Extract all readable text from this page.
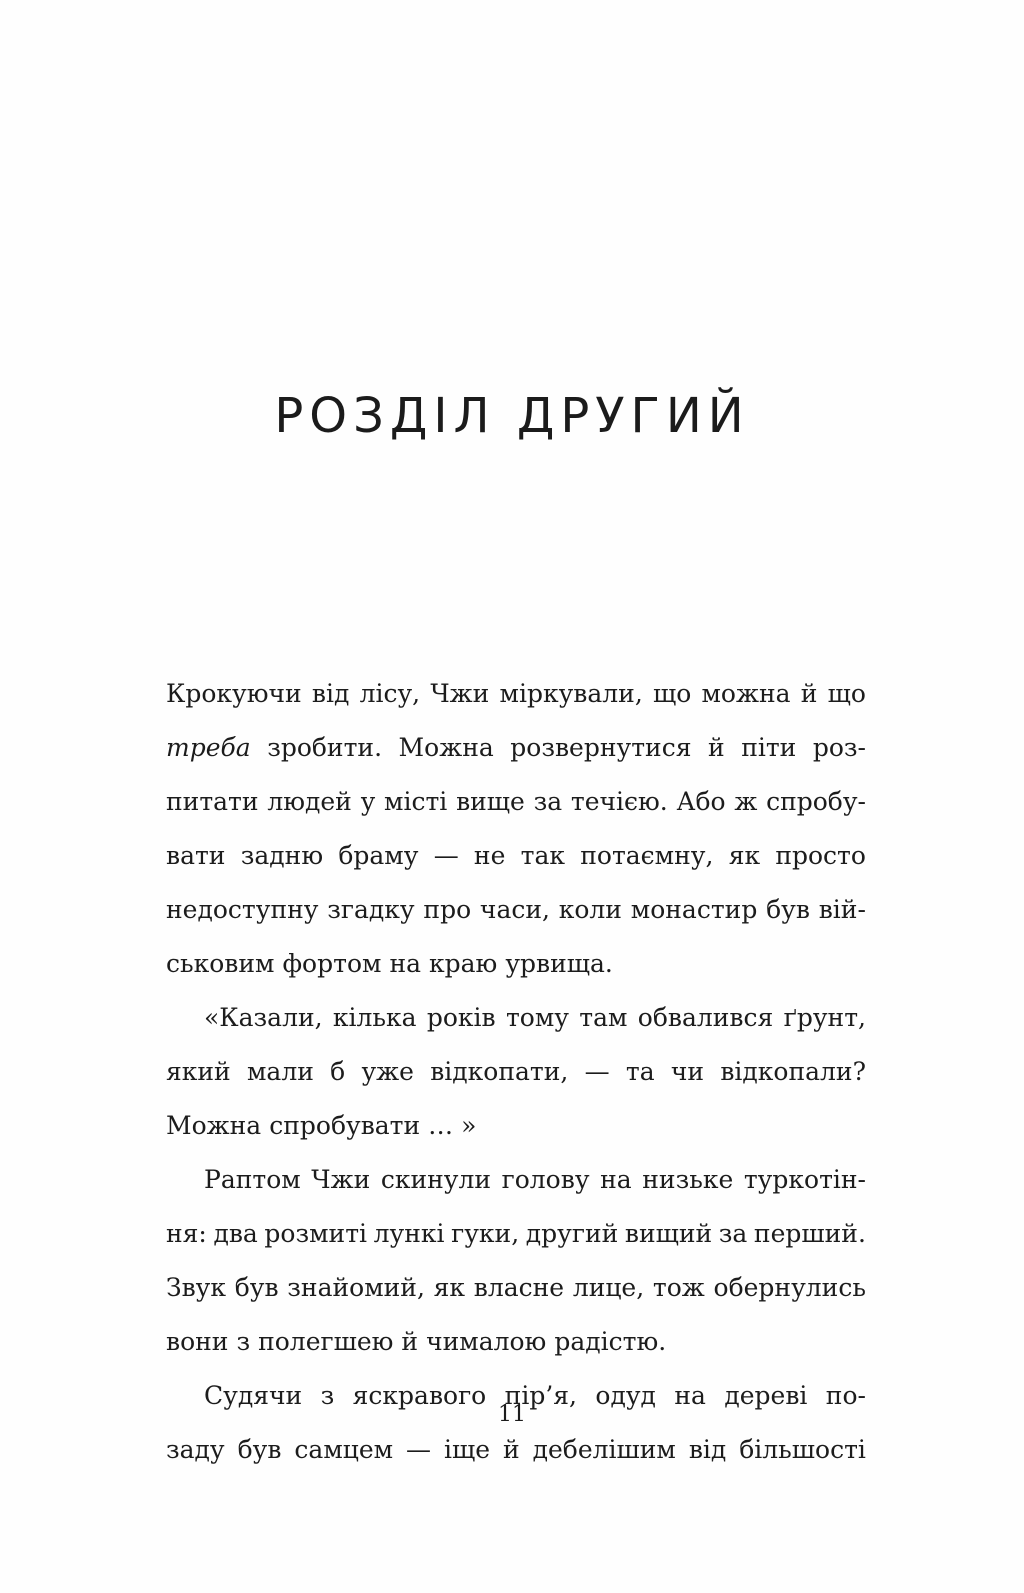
РОЗДІЛ ДРУГИЙ
Крокуючи від лісу, Чжи міркували, що можна й що
треба зробити. Можна розвернутися й піти роз-
питати людей у місті вище за течією. Або ж спробу-
вати задню браму — не так потаємну, як просто
недоступну згадку про часи, коли монастир був вій-
ськовим фортом на краю урвища.
«Казали, кілька років тому там обвалився ґрунт,
який мали б уже відкопати, — та чи відкопали?
Можна спробувати … »
Раптом Чжи скинули голову на низьке туркотін-
ня: два розмиті лункі гуки, другий вищий за перший.
Звук був знайомий, як власне лице, тож обернулись
вони з полегшею й чималою радістю.
Судячи з яскравого пір’я, одуд на дереві по-
заду був самцем — іще й дебелішим від більшості
11
